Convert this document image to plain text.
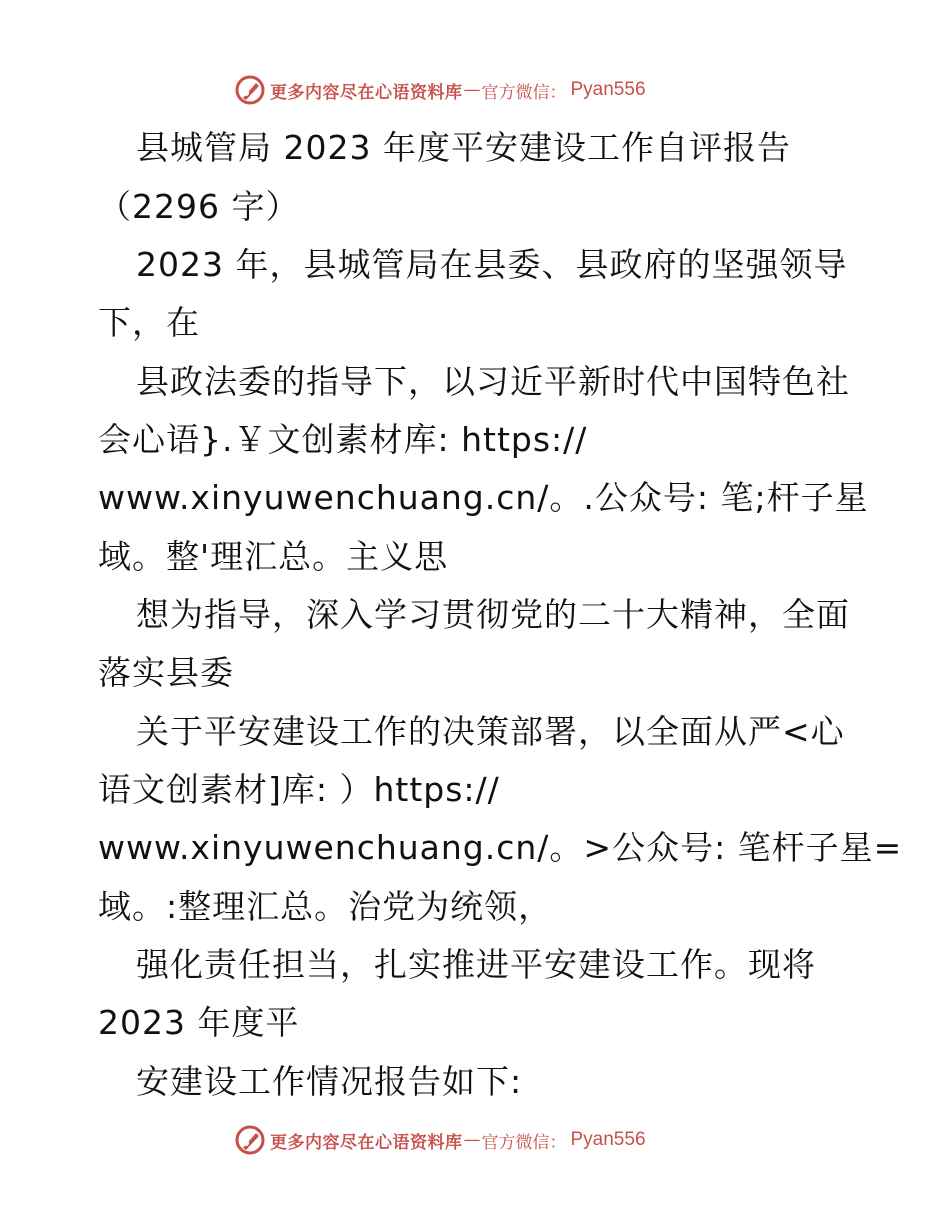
更多内容尽在心语资料库 — 官方微信： Pyan556
县城管局 2023 年度平安建设工作自评报告
（2296 字）
2023 年，县城管局在县委、县政府的坚强领导
下，在
县政法委的指导下，以习近平新时代中国特色社
会心语}.￥文创素材库: https://
www.xinyuwenchuang.cn/。.公众号: 笔;杆子星
域。整'理汇总。主义思
想为指导，深入学习贯彻党的二十大精神，全面
落实县委
关于平安建设工作的决策部署，以全面从严<心
语文创素材]库: ）https://
www.xinyuwenchuang.cn/。>公众号: 笔杆子星=
域。:整理汇总。治党为统领，
强化责任担当，扎实推进平安建设工作。现将
2023 年度平
安建设工作情况报告如下:
更多内容尽在心语资料库 — 官方微信： Pyan556
